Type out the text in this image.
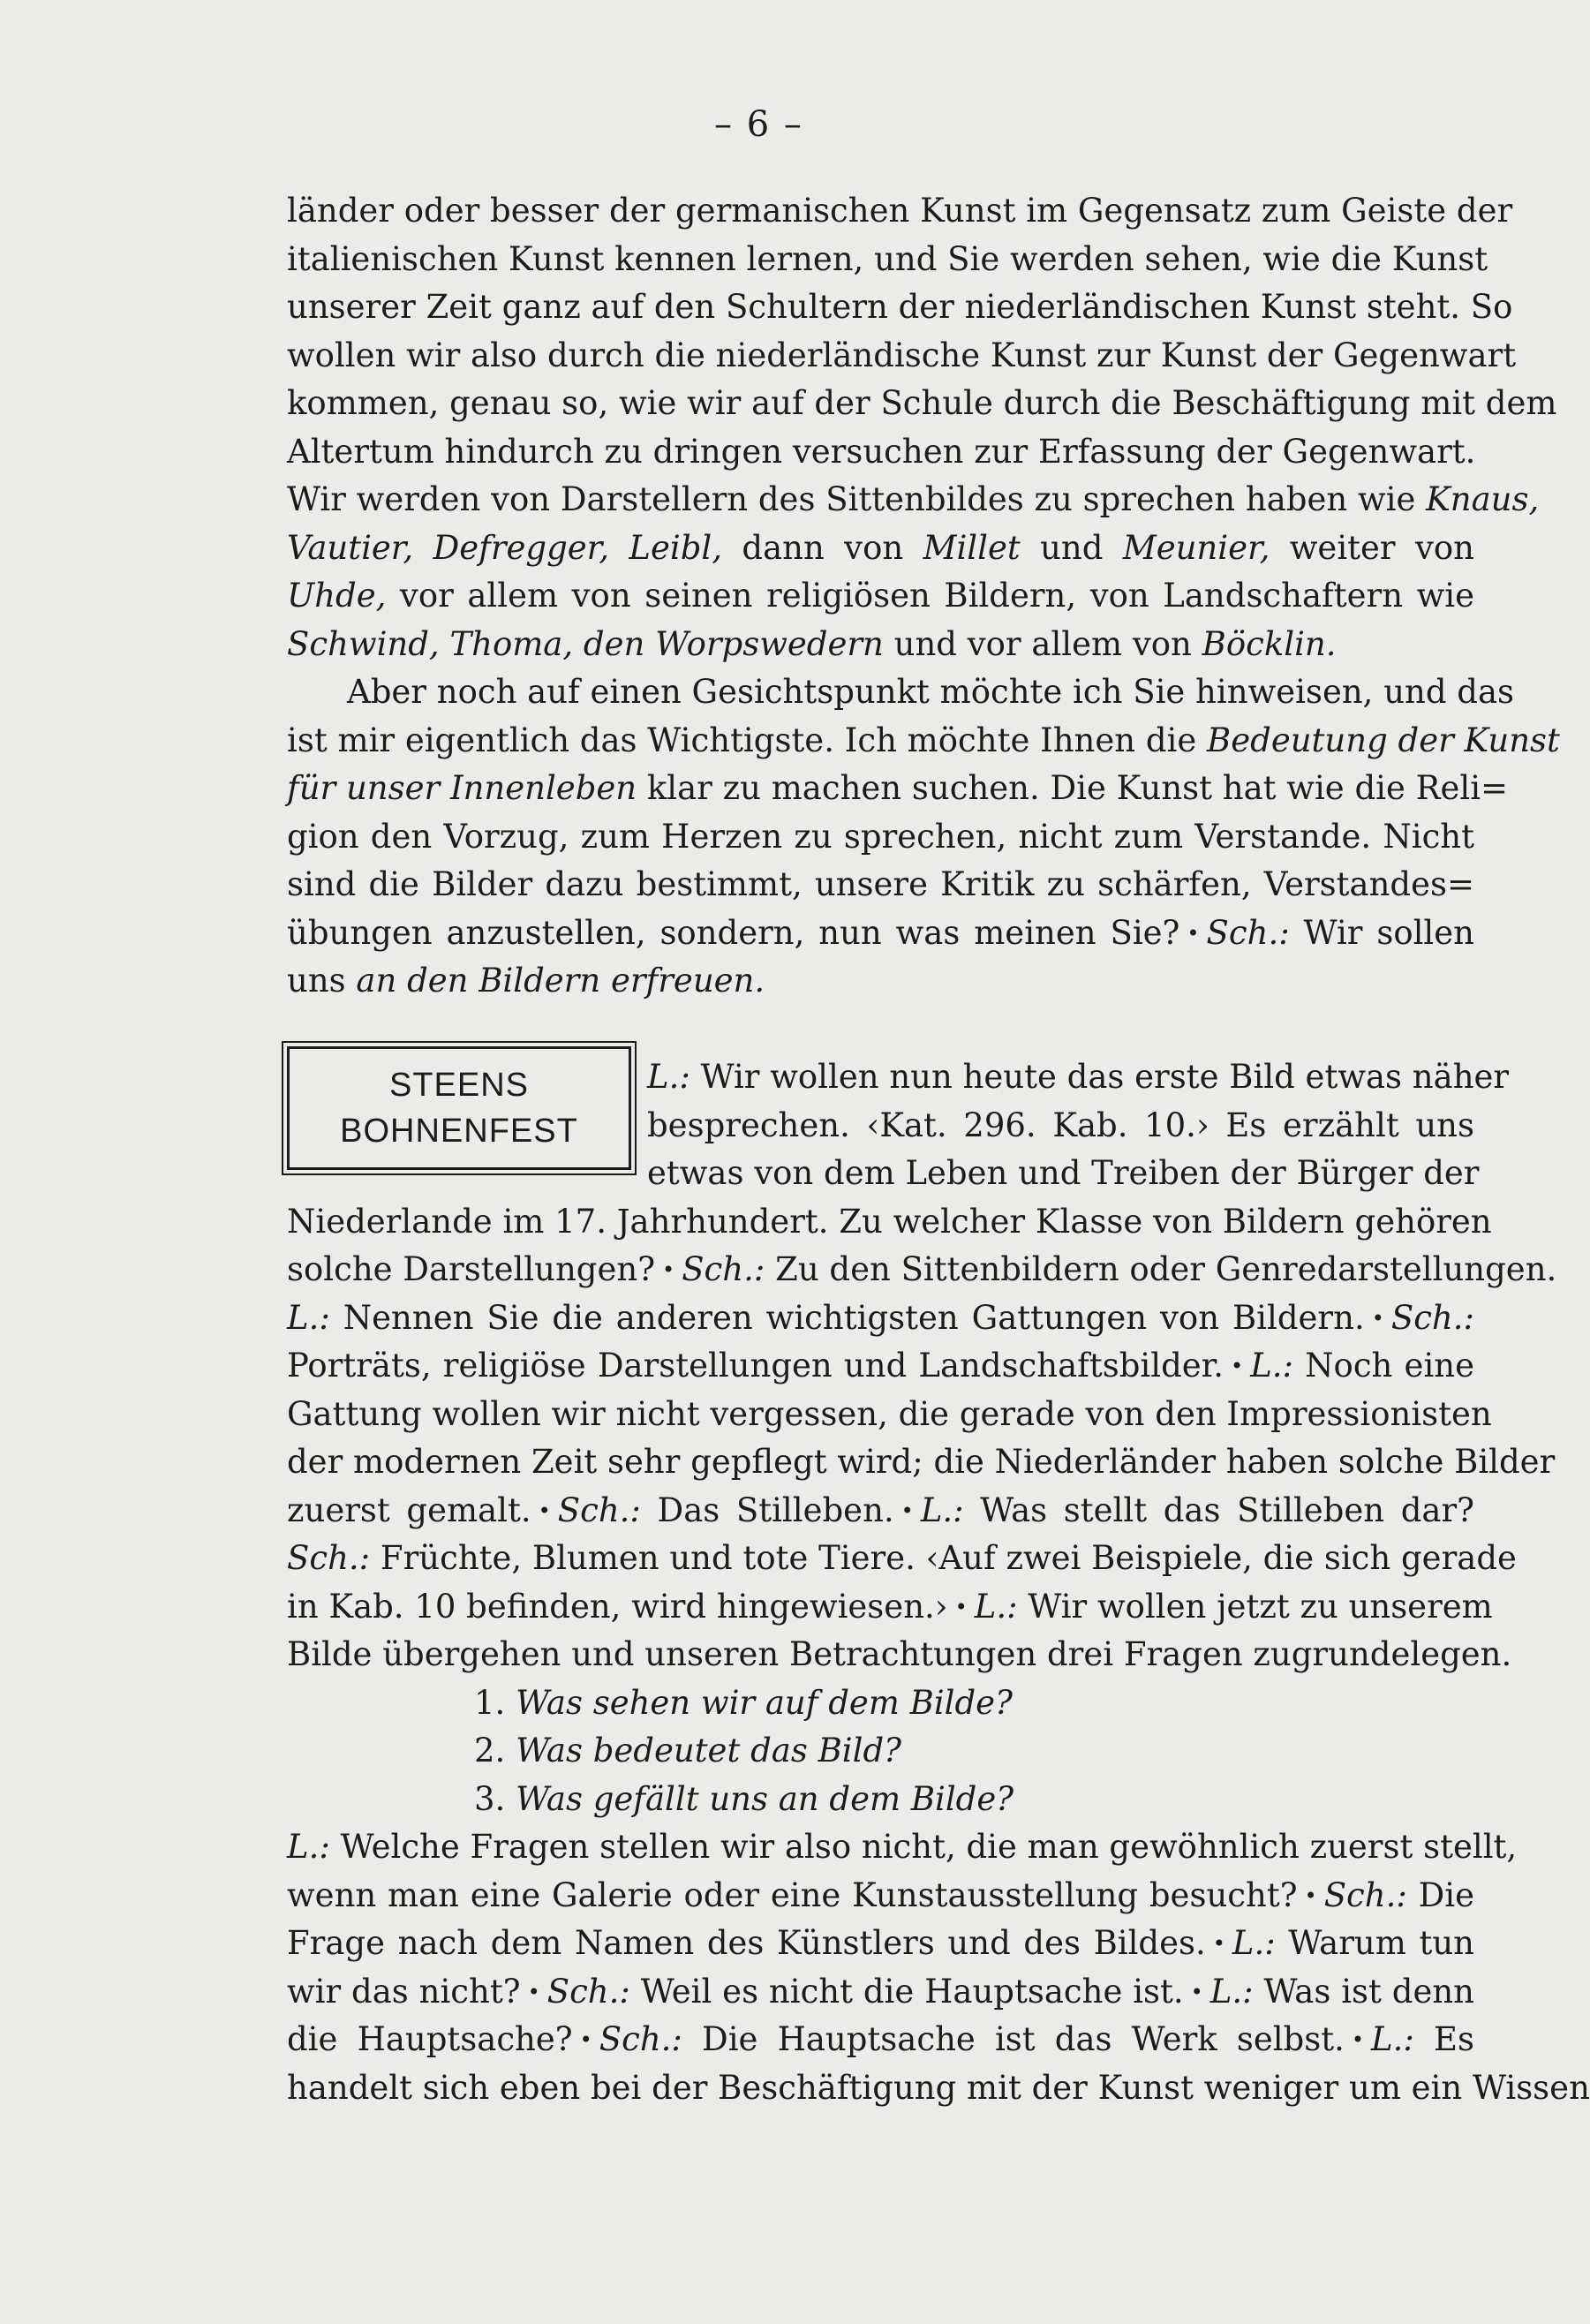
– 6 –
STEENS
BOHNENFEST
länder oder besser der germanischen Kunst im Gegensatz zum Geiste der
italienischen Kunst kennen lernen, und Sie werden sehen, wie die Kunst
unserer Zeit ganz auf den Schultern der niederländischen Kunst steht. So
wollen wir also durch die niederländische Kunst zur Kunst der Gegenwart
kommen, genau so, wie wir auf der Schule durch die Beschäftigung mit dem
Altertum hindurch zu dringen versuchen zur Erfassung der Gegenwart.
Wir werden von Darstellern des Sittenbildes zu sprechen haben wie Knaus,
Vautier, Defregger, Leibl, dann von Millet und Meunier, weiter von
Uhde, vor allem von seinen religiösen Bildern, von Landschaftern wie
Schwind, Thoma, den Worpswedern und vor allem von Böcklin.
Aber noch auf einen Gesichtspunkt möchte ich Sie hinweisen, und das
ist mir eigentlich das Wichtigste. Ich möchte Ihnen die Bedeutung der Kunst
für unser Innenleben klar zu machen suchen. Die Kunst hat wie die Reli=
gion den Vorzug, zum Herzen zu sprechen, nicht zum Verstande. Nicht
sind die Bilder dazu bestimmt, unsere Kritik zu schärfen, Verstandes=
übungen anzustellen, sondern, nun was meinen Sie? • Sch.: Wir sollen
uns an den Bildern erfreuen.
L.: Wir wollen nun heute das erste Bild etwas näher
besprechen. ‹Kat. 296. Kab. 10.› Es erzählt uns
etwas von dem Leben und Treiben der Bürger der
Niederlande im 17. Jahrhundert. Zu welcher Klasse von Bildern gehören
solche Darstellungen? • Sch.: Zu den Sittenbildern oder Genredarstellungen.
L.: Nennen Sie die anderen wichtigsten Gattungen von Bildern. • Sch.:
Porträts, religiöse Darstellungen und Landschaftsbilder. • L.: Noch eine
Gattung wollen wir nicht vergessen, die gerade von den Impressionisten
der modernen Zeit sehr gepflegt wird; die Niederländer haben solche Bilder
zuerst gemalt. • Sch.: Das Stilleben. • L.: Was stellt das Stilleben dar?
Sch.: Früchte, Blumen und tote Tiere. ‹Auf zwei Beispiele, die sich gerade
in Kab. 10 befinden, wird hingewiesen.› • L.: Wir wollen jetzt zu unserem
Bilde übergehen und unseren Betrachtungen drei Fragen zugrundelegen.
1. Was sehen wir auf dem Bilde?
2. Was bedeutet das Bild?
3. Was gefällt uns an dem Bilde?
L.: Welche Fragen stellen wir also nicht, die man gewöhnlich zuerst stellt,
wenn man eine Galerie oder eine Kunstausstellung besucht? • Sch.: Die
Frage nach dem Namen des Künstlers und des Bildes. • L.: Warum tun
wir das nicht? • Sch.: Weil es nicht die Hauptsache ist. • L.: Was ist denn
die Hauptsache? • Sch.: Die Hauptsache ist das Werk selbst. • L.: Es
handelt sich eben bei der Beschäftigung mit der Kunst weniger um ein Wissen
